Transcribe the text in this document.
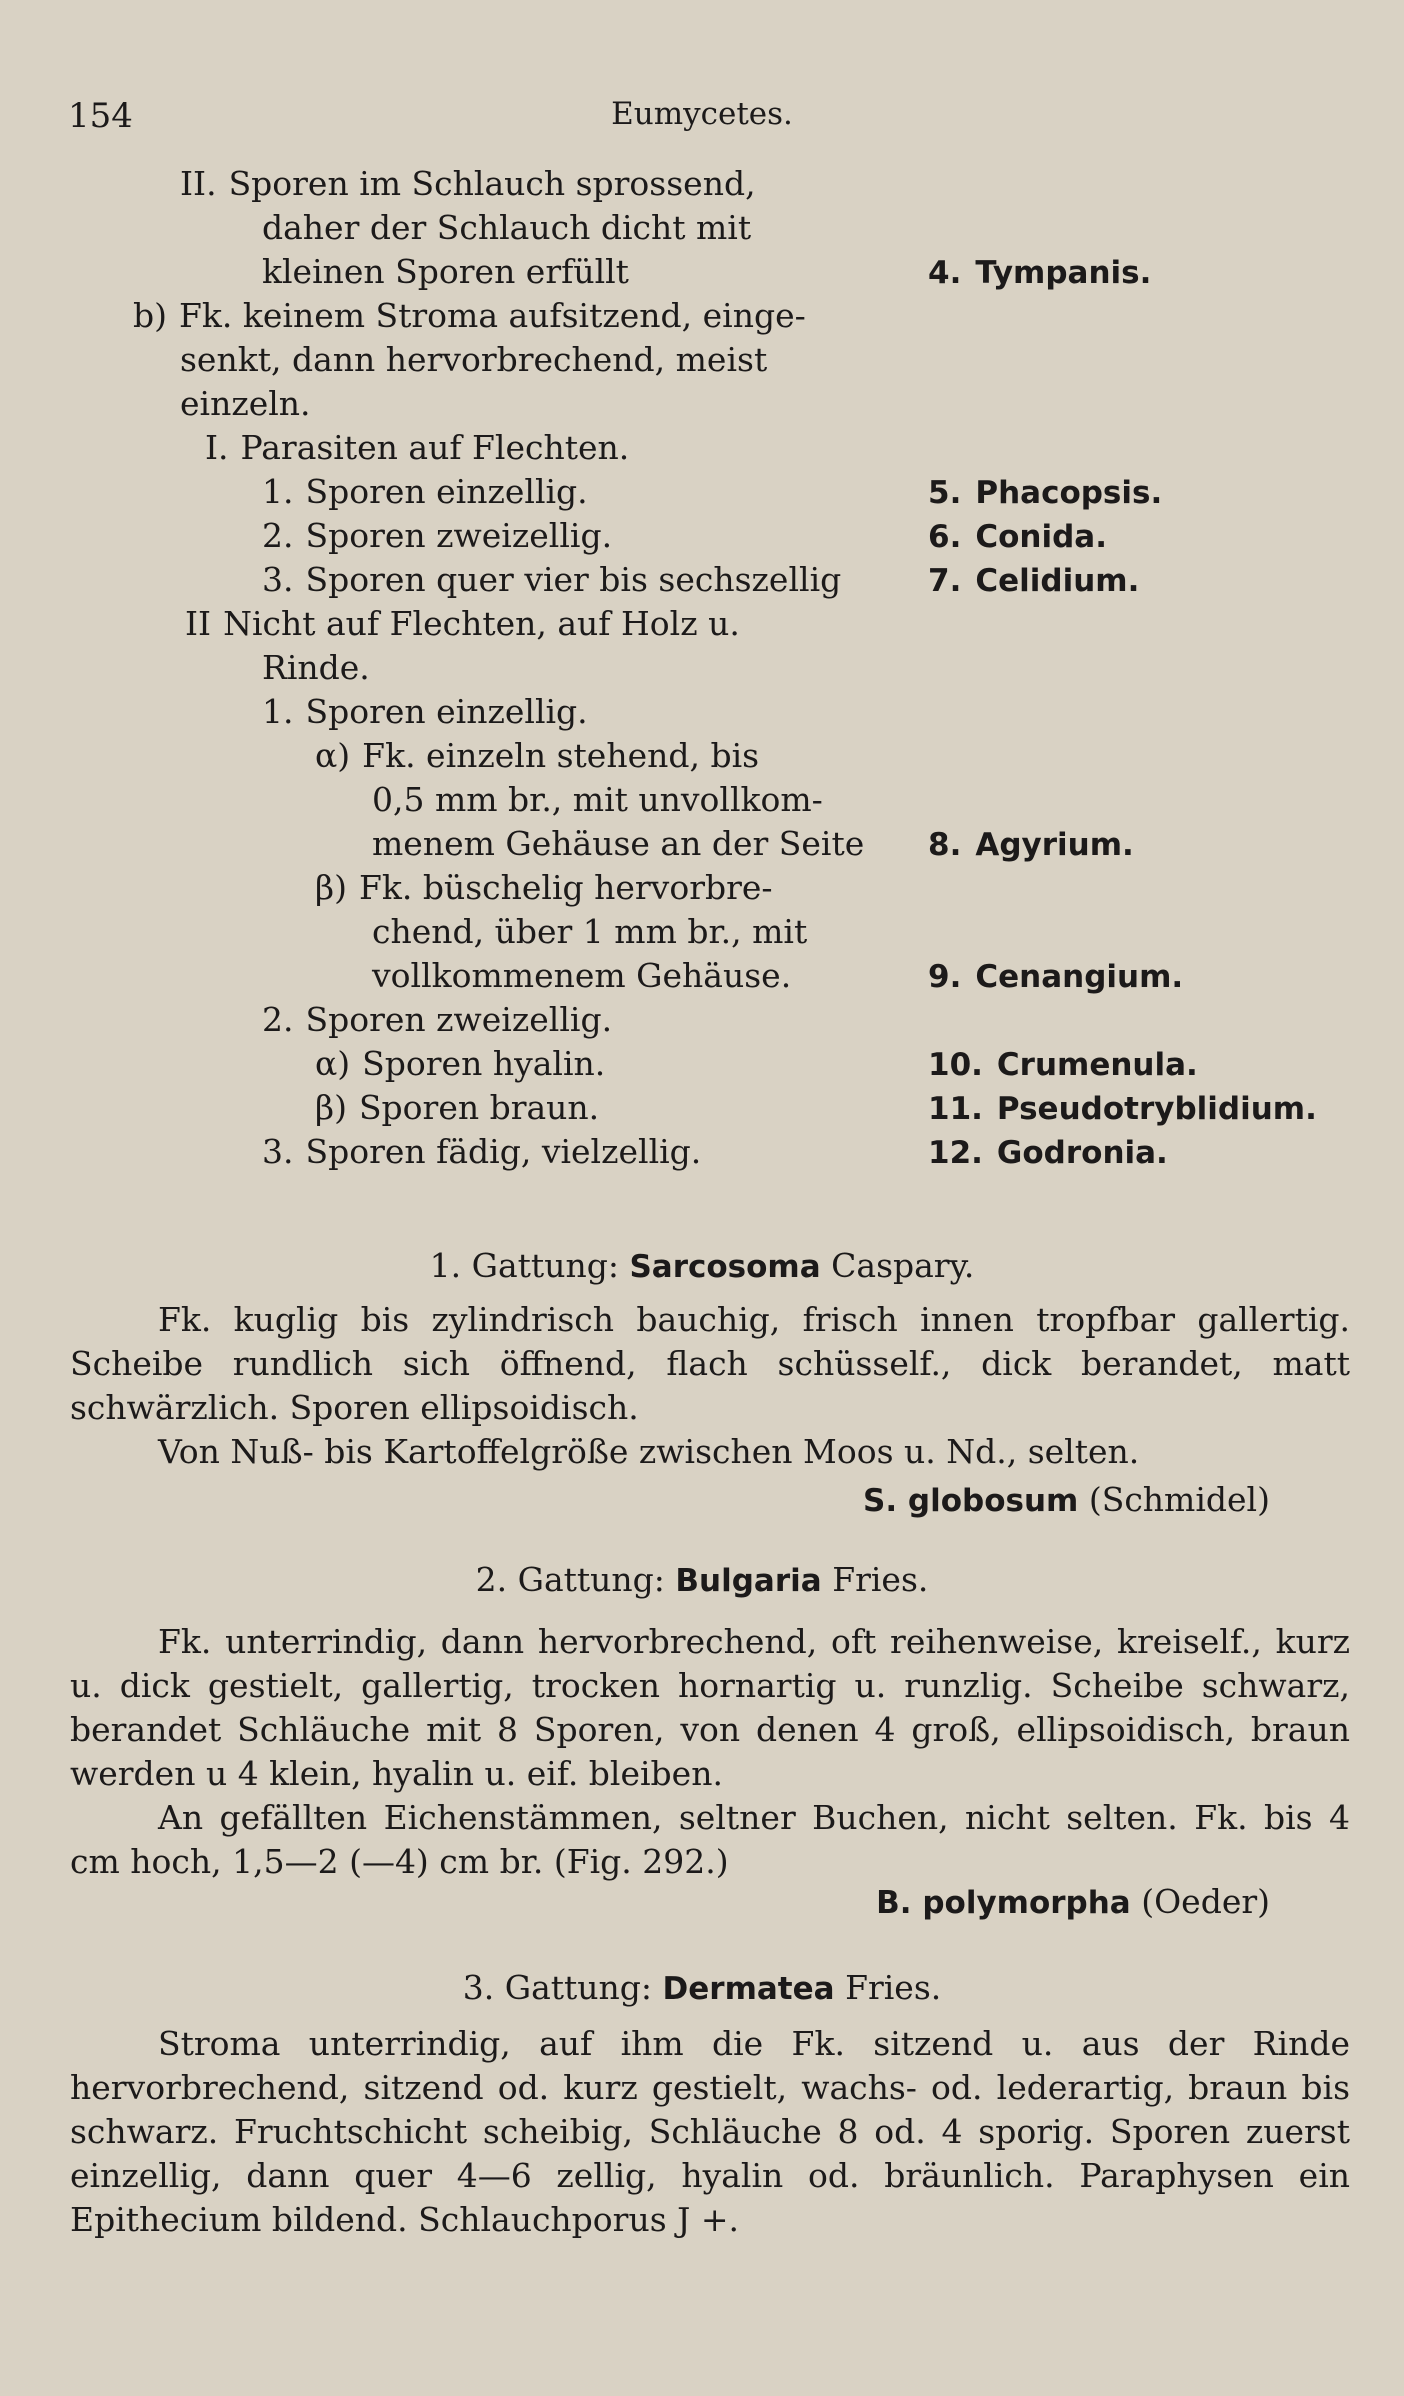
154	Eumycetes.
II. Sporen im Schlauch sprossend,
daher der Schlauch dicht mit
kleinen Sporen erfüllt	4. Tympanis.
b) Fk. keinem Stroma aufsitzend, einge-
senkt, dann hervorbrechend, meist
einzeln.
I. Parasiten auf Flechten.
1. Sporen einzellig.	5. Phacopsis.
2. Sporen zweizellig.	6. Conida.
3. Sporen quer vier bis sechszellig	7. Celidium.
II Nicht auf Flechten, auf Holz u.
Rinde.
1. Sporen einzellig.
α) Fk. einzeln stehend, bis
0,5 mm br., mit unvollkom-
menem Gehäuse an der Seite 8. Agyrium.
β) Fk. büschelig hervorbre-
chend, über 1 mm br., mit
vollkommenem Gehäuse.	9. Cenangium.
2. Sporen zweizellig.
α) Sporen hyalin.	10. Crumenula.
β) Sporen braun.	11. Pseudotryblidium.
3. Sporen fädig, vielzellig.	12. Godronia.
1. Gattung: Sarcosoma Caspary.

Fk. kuglig bis zylindrisch bauchig, frisch innen tropfbar gallertig. Scheibe rundlich sich öffnend, flach schüsself., dick berandet, matt schwärzlich. Sporen ellipsoidisch.

Von Nuß- bis Kartoffelgröße zwischen Moos u. Nd., selten.

S. globosum (Schmidel)
2. Gattung: Bulgaria Fries.

Fk. unterrindig, dann hervorbrechend, oft reihenweise, kreiself., kurz u. dick gestielt, gallertig, trocken hornartig u. runzlig. Scheibe schwarz, berandet Schläuche mit 8 Sporen, von denen 4 groß, ellipsoidisch, braun werden u 4 klein, hyalin u. eif. bleiben.

An gefällten Eichenstämmen, seltner Buchen, nicht selten. Fk. bis 4 cm hoch, 1,5—2 (—4) cm br. (Fig. 292.)

B. polymorpha (Oeder)
3. Gattung: Dermatea Fries.

Stroma unterrindig, auf ihm die Fk. sitzend u. aus der Rinde hervorbrechend, sitzend od. kurz gestielt, wachs- od. lederartig, braun bis schwarz. Fruchtschicht scheibig, Schläuche 8 od. 4 sporig. Sporen zuerst einzellig, dann quer 4—6 zellig, hyalin od. bräunlich. Paraphysen ein Epithecium bildend. Schlauchporus J +.
